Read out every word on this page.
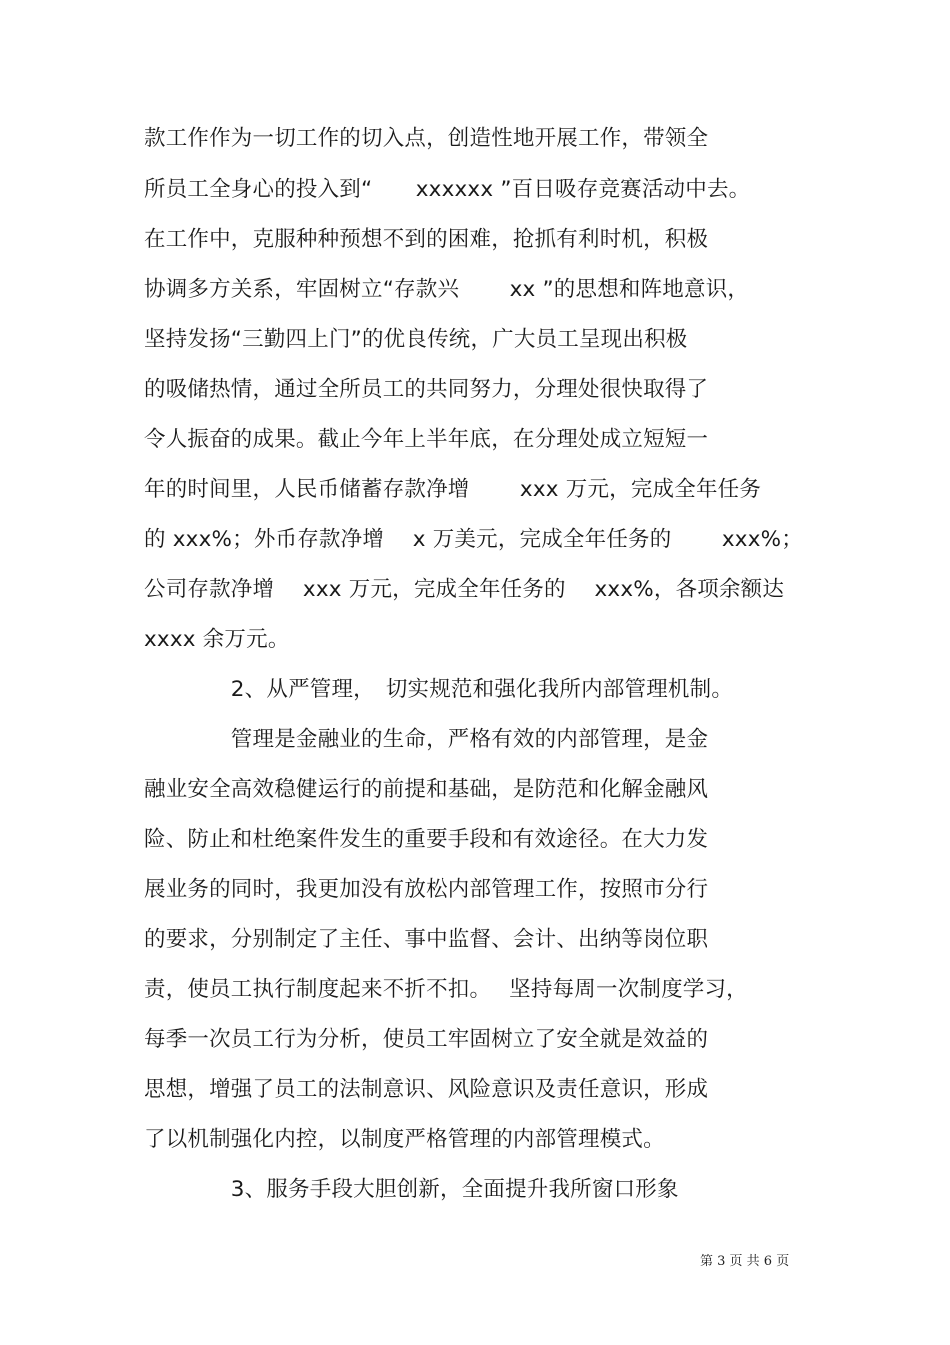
款工作作为一切工作的切入点，创造性地开展工作，带领全
所员工全身心的投入到“　　xxxxxx ”百日吸存竞赛活动中去。
在工作中，克服种种预想不到的困难，抢抓有利时机，积极
协调多方关系，牢固树立“存款兴　　 xx ”的思想和阵地意识，
坚持发扬“三勤四上门”的优良传统，广大员工呈现出积极
的吸储热情，通过全所员工的共同努力，分理处很快取得了
令人振奋的成果。截止今年上半年底，在分理处成立短短一
年的时间里，人民币储蓄存款净增　　 xxx 万元，完成全年任务
的 xxx%；外币存款净增　 x 万美元，完成全年任务的　　 xxx%；
公司存款净增　 xxx 万元，完成全年任务的　 xxx%，各项余额达
xxxx 余万元。
　　　　2、从严管理，　切实规范和强化我所内部管理机制。
　　　　管理是金融业的生命，严格有效的内部管理，是金
融业安全高效稳健运行的前提和基础，是防范和化解金融风
险、防止和杜绝案件发生的重要手段和有效途径。在大力发
展业务的同时，我更加没有放松内部管理工作，按照市分行
的要求，分别制定了主任、事中监督、会计、出纳等岗位职
责，使员工执行制度起来不折不扣。　 坚持每周一次制度学习，
每季一次员工行为分析，使员工牢固树立了安全就是效益的
思想，增强了员工的法制意识、风险意识及责任意识，形成
了以机制强化内控，以制度严格管理的内部管理模式。
　　　　3、服务手段大胆创新，全面提升我所窗口形象
第 3 页 共 6 页
